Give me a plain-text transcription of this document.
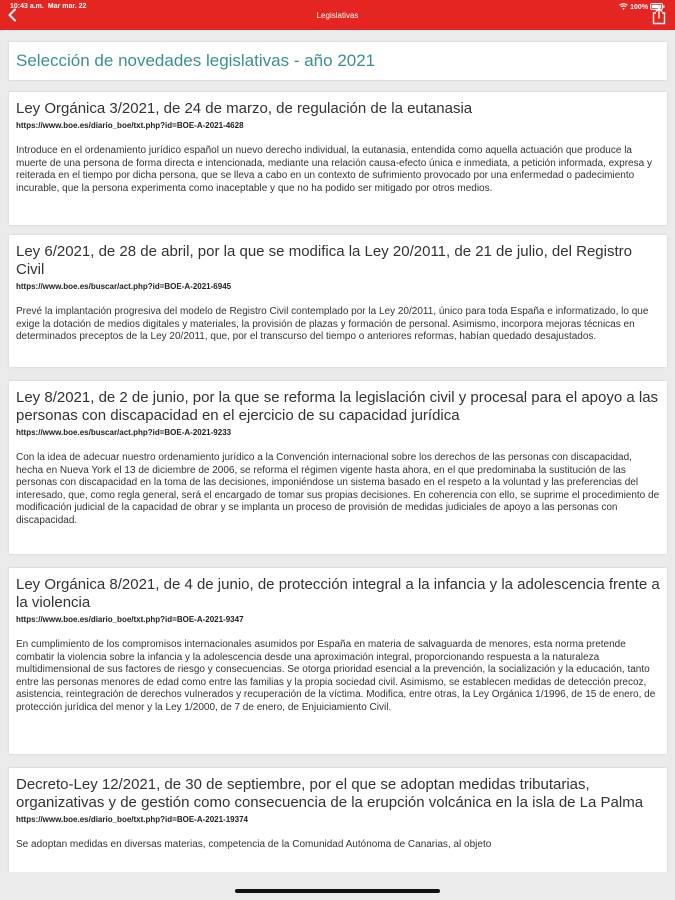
10:43 a.m. Mar mar. 22	100%
Legislativas
Selección de novedades legislativas - año 2021
Ley Orgánica 3/2021, de 24 de marzo, de regulación de la eutanasia
https://www.boe.es/diario_boe/txt.php?id=BOE-A-2021-4628

Introduce en el ordenamiento jurídico español un nuevo derecho individual, la eutanasia, entendida como aquella actuación que produce la muerte de una persona de forma directa e intencionada, mediante una relación causa-efecto única e inmediata, a petición informada, expresa y reiterada en el tiempo por dicha persona, que se lleva a cabo en un contexto de sufrimiento provocado por una enfermedad o padecimiento incurable, que la persona experimenta como inaceptable y que no ha podido ser mitigado por otros medios.

Ley 6/2021, de 28 de abril, por la que se modifica la Ley 20/2011, de 21 de julio, del Registro Civil
https://www.boe.es/buscar/act.php?id=BOE-A-2021-6945

Prevé la implantación progresiva del modelo de Registro Civil contemplado por la Ley 20/2011, único para toda España e informatizado, lo que exige la dotación de medios digitales y materiales, la provisión de plazas y formación de personal. Asimismo, incorpora mejoras técnicas en determinados preceptos de la Ley 20/2011, que, por el transcurso del tiempo o anteriores reformas, habían quedado desajustados.

Ley 8/2021, de 2 de junio, por la que se reforma la legislación civil y procesal para el apoyo a las personas con discapacidad en el ejercicio de su capacidad jurídica
https://www.boe.es/buscar/act.php?id=BOE-A-2021-9233

Con la idea de adecuar nuestro ordenamiento jurídico a la Convención internacional sobre los derechos de las personas con discapacidad, hecha en Nueva York el 13 de diciembre de 2006, se reforma el régimen vigente hasta ahora, en el que predominaba la sustitución de las personas con discapacidad en la toma de las decisiones, imponiéndose un sistema basado en el respeto a la voluntad y las preferencias del interesado, que, como regla general, será el encargado de tomar sus propias decisiones. En coherencia con ello, se suprime el procedimiento de modificación judicial de la capacidad de obrar y se implanta un proceso de provisión de medidas judiciales de apoyo a las personas con discapacidad.

Ley Orgánica 8/2021, de 4 de junio, de protección integral a la infancia y la adolescencia frente a la violencia
https://www.boe.es/diario_boe/txt.php?id=BOE-A-2021-9347

En cumplimiento de los compromisos internacionales asumidos por España en materia de salvaguarda de menores, esta norma pretende combatir la violencia sobre la infancia y la adolescencia desde una aproximación integral, proporcionando respuesta a la naturaleza multidimensional de sus factores de riesgo y consecuencias. Se otorga prioridad esencial a la prevención, la socialización y la educación, tanto entre las personas menores de edad como entre las familias y la propia sociedad civil. Asimismo, se establecen medidas de detección precoz, asistencia, reintegración de derechos vulnerados y recuperación de la víctima. Modifica, entre otras, la Ley Orgánica 1/1996, de 15 de enero, de protección jurídica del menor y la Ley 1/2000, de 7 de enero, de Enjuiciamiento Civil.

Decreto-Ley 12/2021, de 30 de septiembre, por el que se adoptan medidas tributarias, organizativas y de gestión como consecuencia de la erupción volcánica en la isla de La Palma
https://www.boe.es/diario_boe/txt.php?id=BOE-A-2021-19374

Se adoptan medidas en diversas materias, competencia de la Comunidad Autónoma de Canarias, al objeto
